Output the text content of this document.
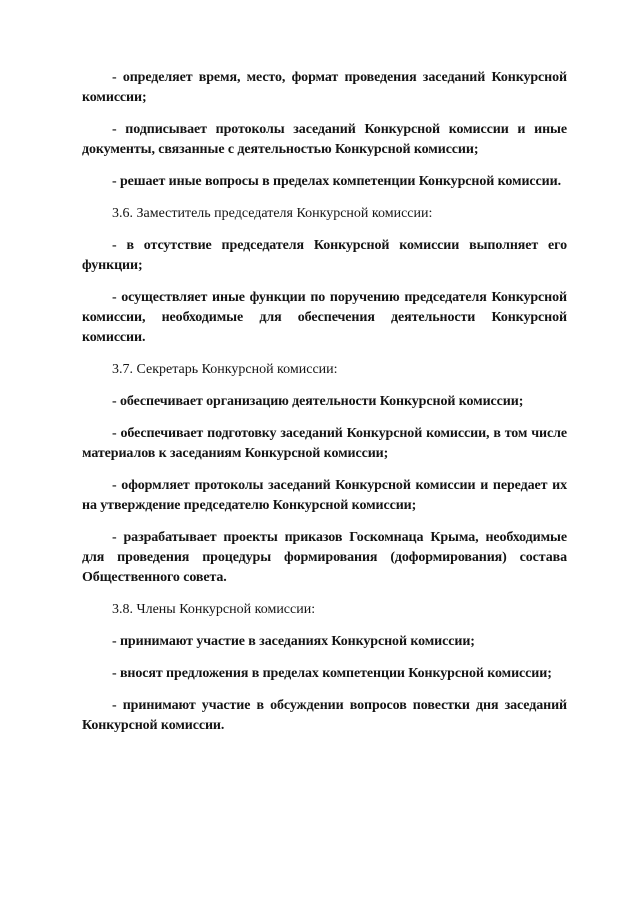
- определяет время, место, формат проведения заседаний Конкурсной комиссии;

- подписывает протоколы заседаний Конкурсной комиссии и иные документы, связанные с деятельностью Конкурсной комиссии;

- решает иные вопросы в пределах компетенции Конкурсной комиссии.

3.6. Заместитель председателя Конкурсной комиссии:

- в отсутствие председателя Конкурсной комиссии выполняет его функции;

- осуществляет иные функции по поручению председателя Конкурсной комиссии, необходимые для обеспечения деятельности Конкурсной комиссии.

3.7. Секретарь Конкурсной комиссии:

- обеспечивает организацию деятельности Конкурсной комиссии;

- обеспечивает подготовку заседаний Конкурсной комиссии, в том числе материалов к заседаниям Конкурсной комиссии;

- оформляет протоколы заседаний Конкурсной комиссии и передает их на утверждение председателю Конкурсной комиссии;

- разрабатывает проекты приказов Госкомнаца Крыма, необходимые для проведения процедуры формирования (доформирования) состава Общественного совета.

3.8. Члены Конкурсной комиссии:

- принимают участие в заседаниях Конкурсной комиссии;

- вносят предложения в пределах компетенции Конкурсной комиссии;

- принимают участие в обсуждении вопросов повестки дня заседаний Конкурсной комиссии.
